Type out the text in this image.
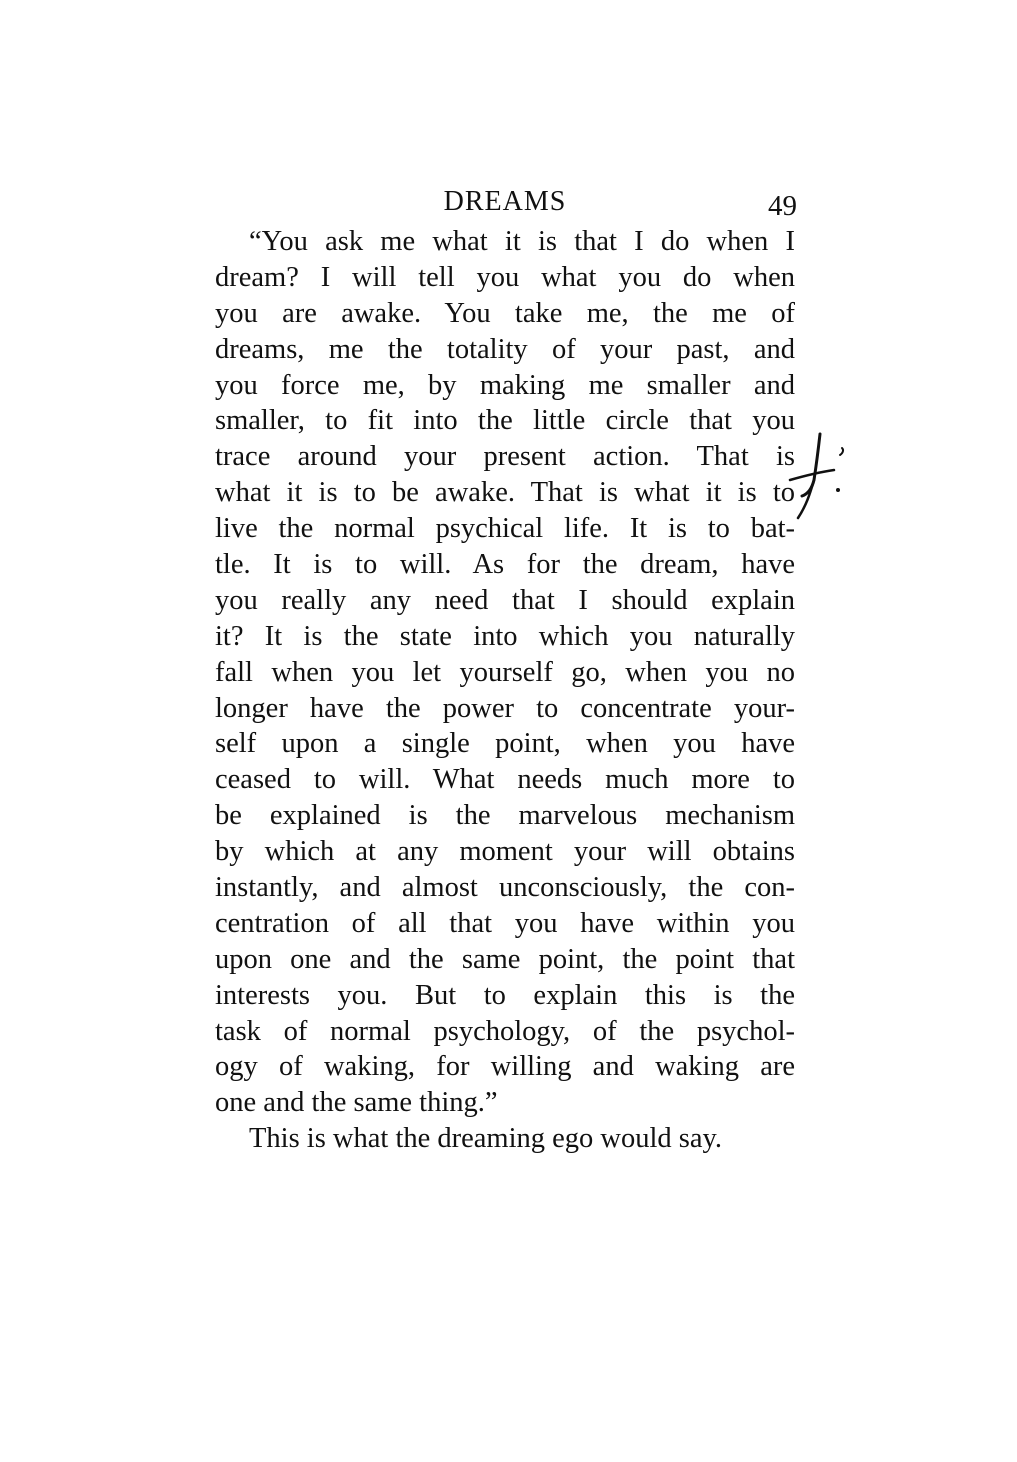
DREAMS	49
“You ask me what it is that I do when I
dream? I will tell you what you do when
you are awake. You take me, the me of
dreams, me the totality of your past, and
you force me, by making me smaller and
smaller, to fit into the little circle that you
trace around your present action. That is
what it is to be awake. That is what it is to
live the normal psychical life. It is to bat-
tle. It is to will. As for the dream, have
you really any need that I should explain
it? It is the state into which you naturally
fall when you let yourself go, when you no
longer have the power to concentrate your-
self upon a single point, when you have
ceased to will. What needs much more to
be explained is the marvelous mechanism
by which at any moment your will obtains
instantly, and almost unconsciously, the con-
centration of all that you have within you
upon one and the same point, the point that
interests you. But to explain this is the
task of normal psychology, of the psychol-
ogy of waking, for willing and waking are
one and the same thing.”
This is what the dreaming ego would say.
